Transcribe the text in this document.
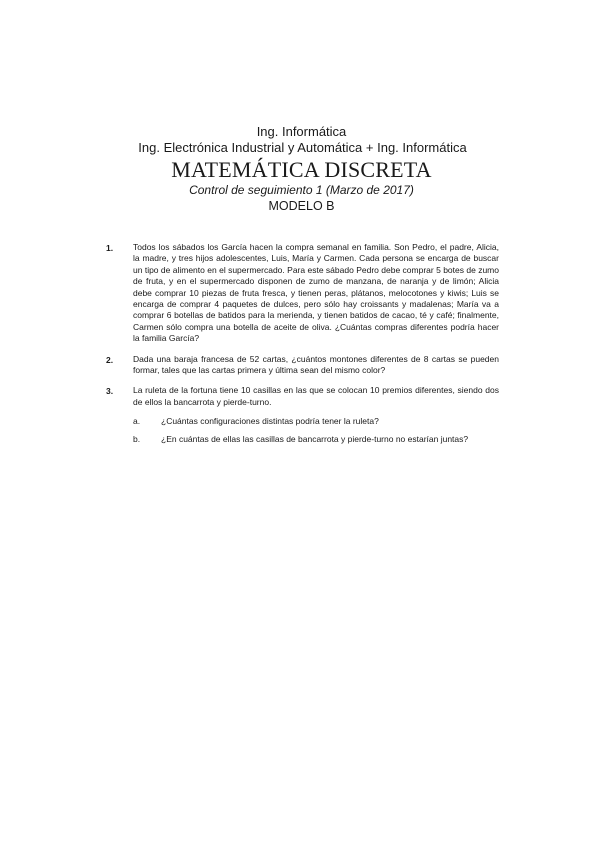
Ing. Informática
Ing. Electrónica Industrial y Automática + Ing. Informática
MATEMÁTICA DISCRETA
Control de seguimiento 1 (Marzo de 2017)
MODELO B
1. Todos los sábados los García hacen la compra semanal en familia. Son Pedro, el padre, Alicia, la madre, y tres hijos adolescentes, Luis, María y Carmen. Cada persona se encarga de buscar un tipo de alimento en el supermercado. Para este sábado Pedro debe comprar 5 botes de zumo de fruta, y en el supermercado disponen de zumo de manzana, de naranja y de limón; Alicia debe comprar 10 piezas de fruta fresca, y tienen peras, plátanos, melocotones y kiwis; Luis se encarga de comprar 4 paquetes de dulces, pero sólo hay croissants y madalenas; María va a comprar 6 botellas de batidos para la merienda, y tienen batidos de cacao, té y café; finalmente, Carmen sólo compra una botella de aceite de oliva. ¿Cuántas compras diferentes podría hacer la familia García?

2. Dada una baraja francesa de 52 cartas, ¿cuántos montones diferentes de 8 cartas se pueden formar, tales que las cartas primera y última sean del mismo color?

3. La ruleta de la fortuna tiene 10 casillas en las que se colocan 10 premios diferentes, siendo dos de ellos la bancarrota y pierde-turno.

a. ¿Cuántas configuraciones distintas podría tener la ruleta?
b. ¿En cuántas de ellas las casillas de bancarrota y pierde-turno no estarían juntas?
